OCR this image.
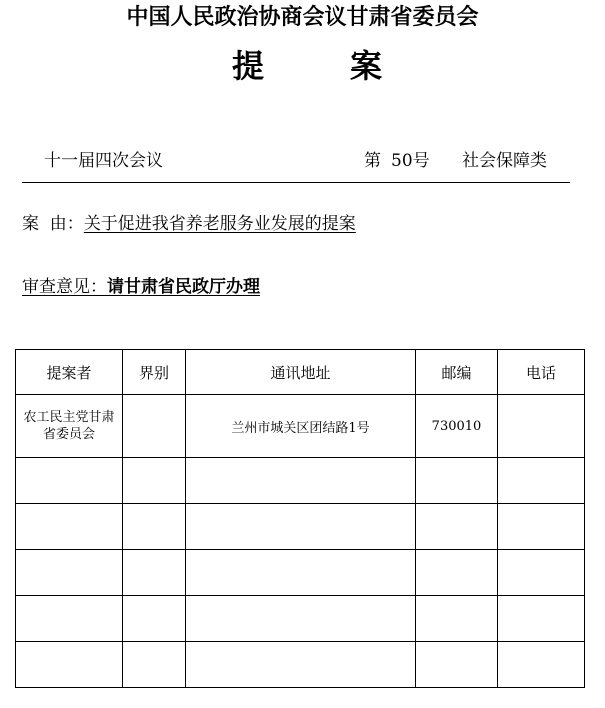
中国人民政治协商会议甘肃省委员会
提	案
十一届四次会议	第 50号 社会保障类
案  由：关于促进我省养老服务业发展的提案
审查意见：请甘肃省民政厅办理
提案者	界别	通讯地址	邮编	电话

农工民主党甘肃省委员会		兰州市城关区团结路1号	730010	
